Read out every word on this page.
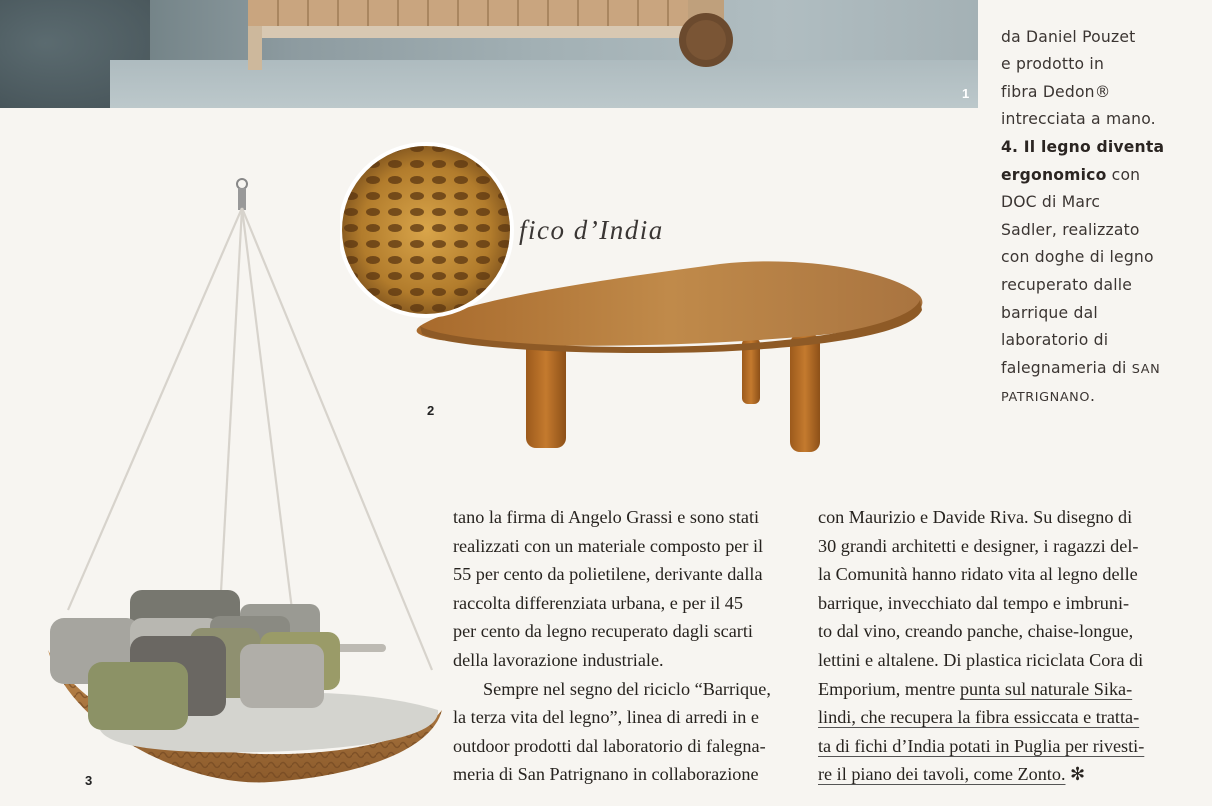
1
da Daniel Pouzet
e prodotto in
fibra Dedon®
intrecciata a mano.
4. Il legno diventa
ergonomico con
DOC di Marc
Sadler, realizzato
con doghe di legno
recuperato dalle
barrique dal
laboratorio di
falegnameria di SAN
PATRIGNANO.
fico d’India
2
3
tano la firma di Angelo Grassi e sono stati
realizzati con un materiale composto per il
55 per cento da polietilene, derivante dalla
raccolta differenziata urbana, e per il 45
per cento da legno recuperato dagli scarti
della lavorazione industriale.
Sempre nel segno del riciclo “Barrique,
la terza vita del legno”, linea di arredi in e
outdoor prodotti dal laboratorio di falegna-
meria di San Patrignano in collaborazione
con Maurizio e Davide Riva. Su disegno di
30 grandi architetti e designer, i ragazzi del-
la Comunità hanno ridato vita al legno delle
barrique, invecchiato dal tempo e imbruni-
to dal vino, creando panche, chaise-longue,
lettini e altalene. Di plastica riciclata Cora di
Emporium, mentre punta sul naturale Sika-
lindi, che recupera la fibra essiccata e tratta-
ta di fichi d’India potati in Puglia per rivesti-
re il piano dei tavoli, come Zonto. ✻
